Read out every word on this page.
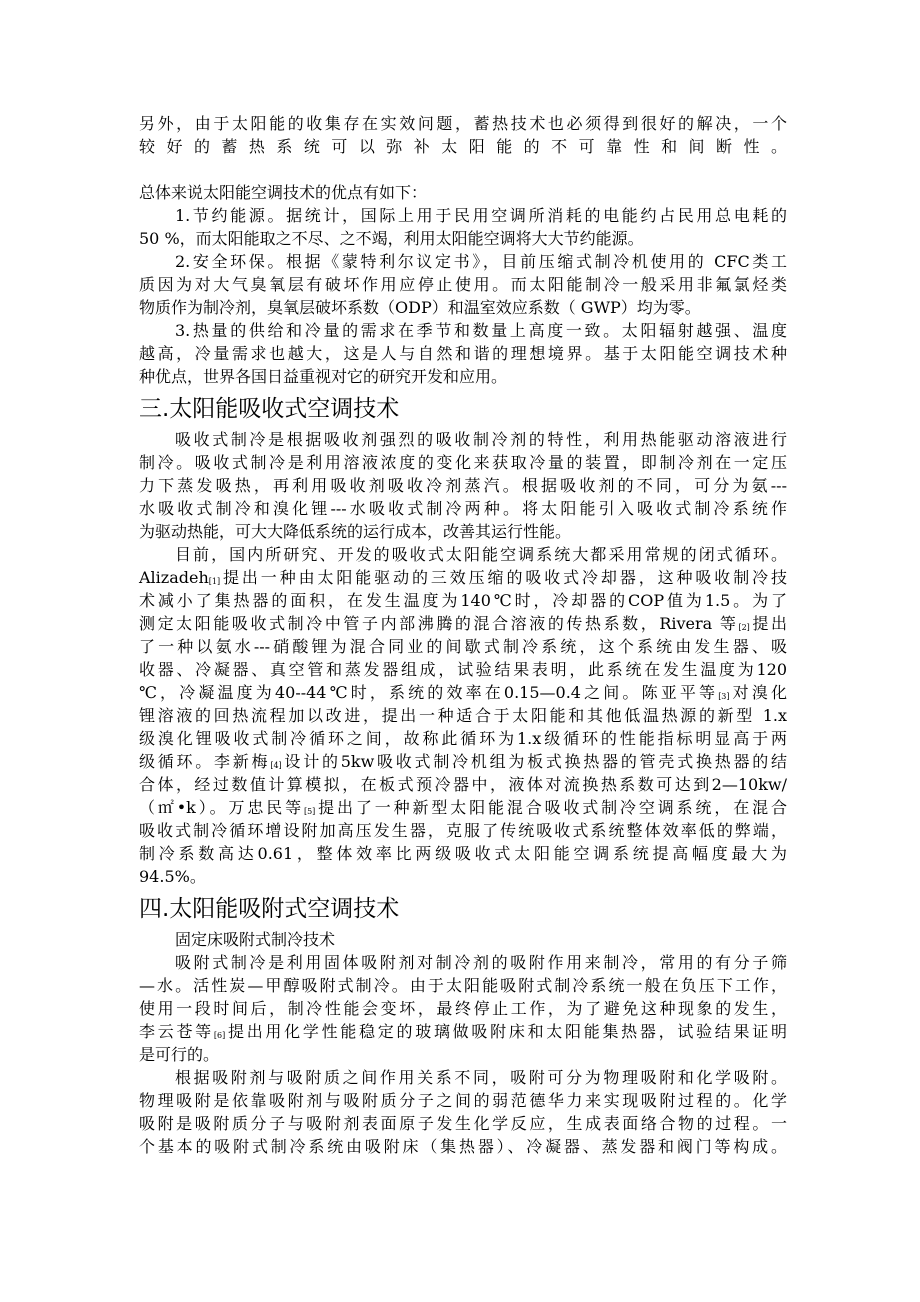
另外，由于太阳能的收集存在实效问题，蓄热技术也必须得到很好的解决，一个
较好的蓄热系统可以弥补太阳能的不可靠性和间断性。
总体来说太阳能空调技术的优点有如下：
1.节约能源。据统计，国际上用于民用空调所消耗的电能约占民用总电耗的
50 %，而太阳能取之不尽、之不竭，利用太阳能空调将大大节约能源。
2.安全环保。根据《蒙特利尔议定书》，目前压缩式制冷机使用的 CFC类工
质因为对大气臭氧层有破坏作用应停止使用。而太阳能制冷一般采用非氟氯烃类
物质作为制冷剂，臭氧层破坏系数（ODP）和温室效应系数（ GWP）均为零。
3.热量的供给和冷量的需求在季节和数量上高度一致。太阳辐射越强、温度
越高，冷量需求也越大，这是人与自然和谐的理想境界。基于太阳能空调技术种
种优点，世界各国日益重视对它的研究开发和应用。
三.太阳能吸收式空调技术
吸收式制冷是根据吸收剂强烈的吸收制冷剂的特性，利用热能驱动溶液进行
制冷。吸收式制冷是利用溶液浓度的变化来获取冷量的装置，即制冷剂在一定压
力下蒸发吸热，再利用吸收剂吸收冷剂蒸汽。根据吸收剂的不同，可分为氨---
水吸收式制冷和溴化锂---水吸收式制冷两种。将太阳能引入吸收式制冷系统作
为驱动热能，可大大降低系统的运行成本，改善其运行性能。
目前，国内所研究、开发的吸收式太阳能空调系统大都采用常规的闭式循环。
Alizadeh[1]提出一种由太阳能驱动的三效压缩的吸收式冷却器，这种吸收制冷技
术减小了集热器的面积，在发生温度为140℃时，冷却器的COP值为1.5。为了
测定太阳能吸收式制冷中管子内部沸腾的混合溶液的传热系数，Rivera 等[2]提出
了一种以氨水---硝酸锂为混合同业的间歇式制冷系统，这个系统由发生器、吸
收器、冷凝器、真空管和蒸发器组成，试验结果表明，此系统在发生温度为120
℃，冷凝温度为40--44℃时，系统的效率在0.15—0.4之间。陈亚平等[3]对溴化
锂溶液的回热流程加以改进，提出一种适合于太阳能和其他低温热源的新型 1.x
级溴化锂吸收式制冷循环之间，故称此循环为1.x级循环的性能指标明显高于两
级循环。李新梅[4]设计的5kw吸收式制冷机组为板式换热器的管壳式换热器的结
合体，经过数值计算模拟，在板式预冷器中，液体对流换热系数可达到2—10kw/
（㎡•k）。万忠民等[5]提出了一种新型太阳能混合吸收式制冷空调系统，在混合
吸收式制冷循环增设附加高压发生器，克服了传统吸收式系统整体效率低的弊端，
制冷系数高达0.61，整体效率比两级吸收式太阳能空调系统提高幅度最大为
94.5%。
四.太阳能吸附式空调技术
固定床吸附式制冷技术
吸附式制冷是利用固体吸附剂对制冷剂的吸附作用来制冷，常用的有分子筛
—水。活性炭—甲醇吸附式制冷。由于太阳能吸附式制冷系统一般在负压下工作，
使用一段时间后，制冷性能会变坏，最终停止工作，为了避免这种现象的发生，
李云苍等[6]提出用化学性能稳定的玻璃做吸附床和太阳能集热器，试验结果证明
是可行的。
根据吸附剂与吸附质之间作用关系不同，吸附可分为物理吸附和化学吸附。
物理吸附是依靠吸附剂与吸附质分子之间的弱范德华力来实现吸附过程的。化学
吸附是吸附质分子与吸附剂表面原子发生化学反应，生成表面络合物的过程。一
个基本的吸附式制冷系统由吸附床（集热器）、冷凝器、蒸发器和阀门等构成。
